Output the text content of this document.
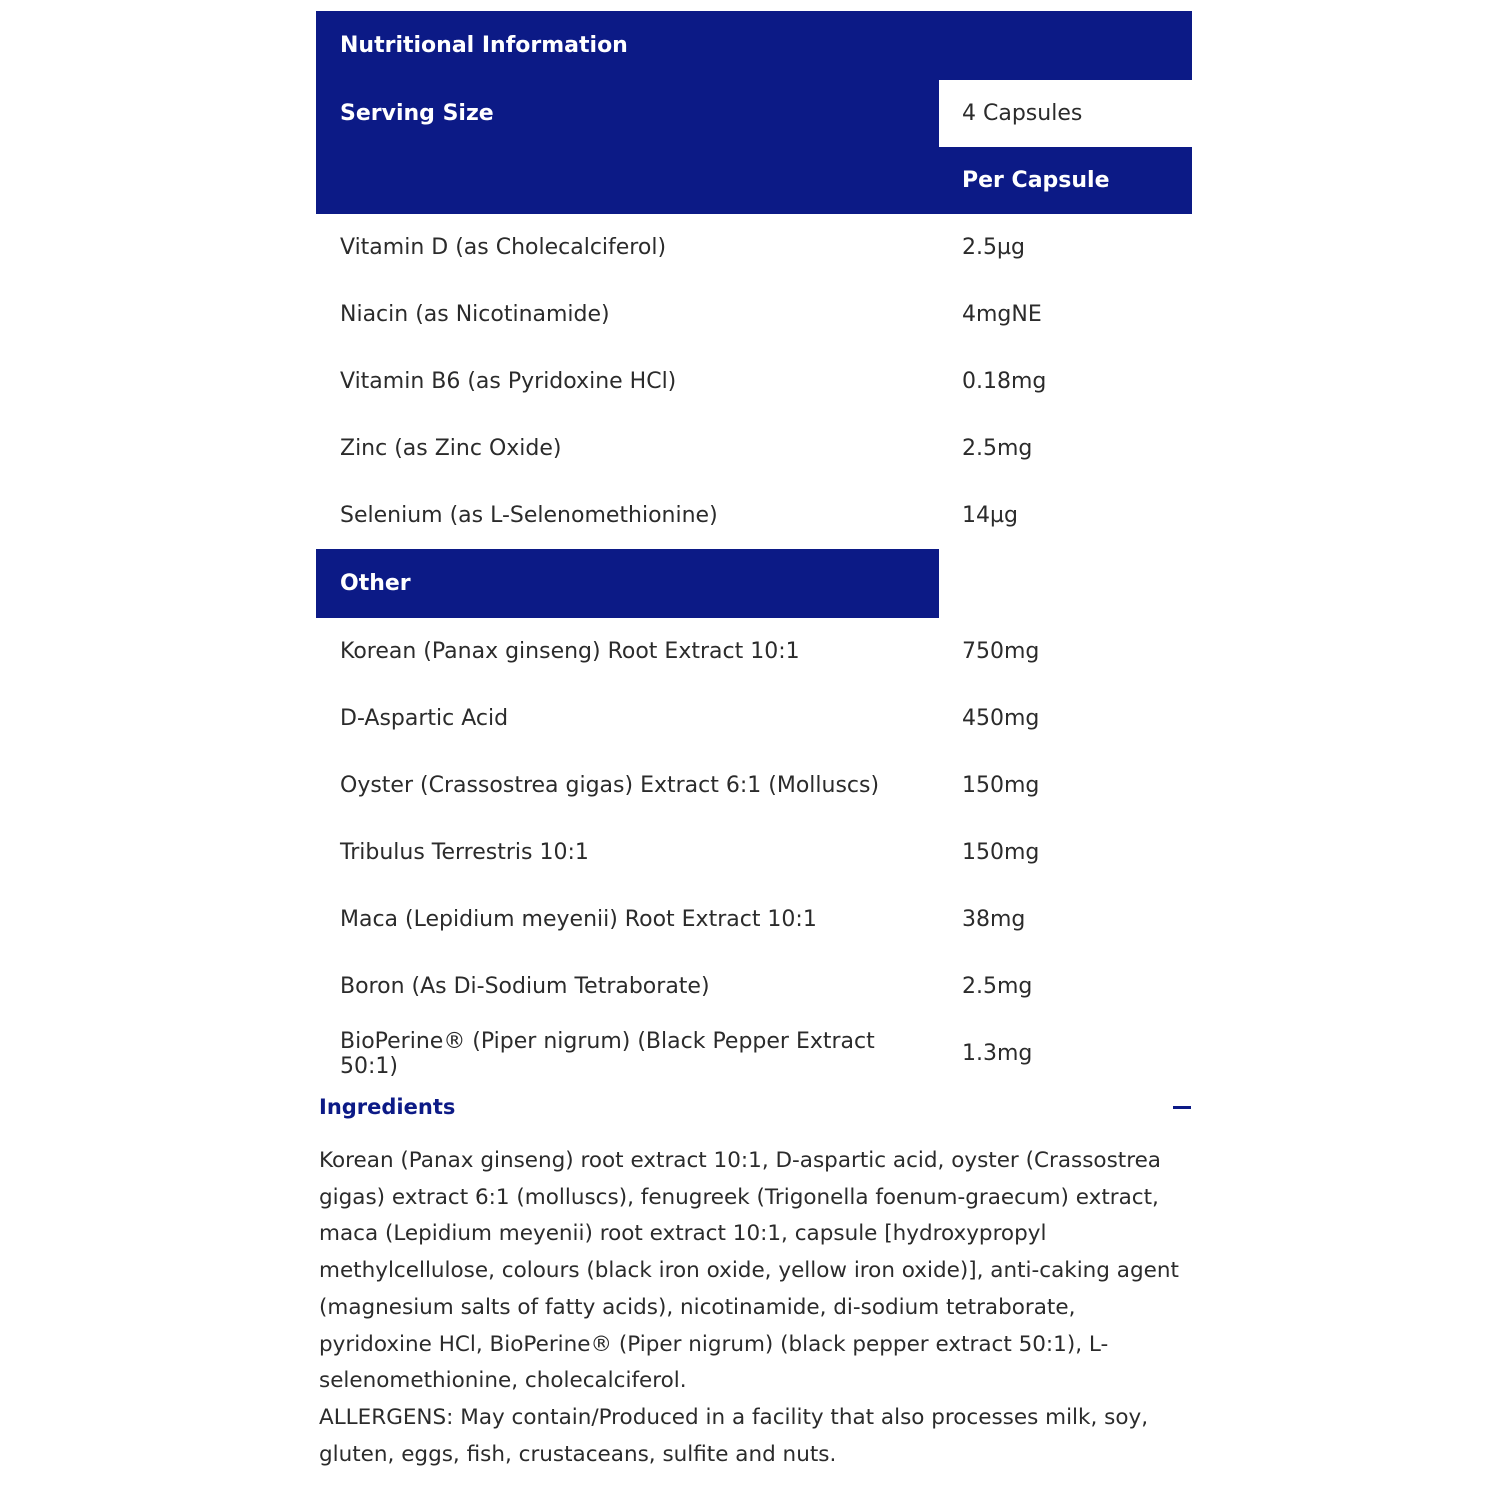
Nutritional Information
Serving Size	4 Capsules
Per Capsule
Vitamin D (as Cholecalciferol)	2.5µg
Niacin (as Nicotinamide)	4mgNE
Vitamin B6 (as Pyridoxine HCl)	0.18mg
Zinc (as Zinc Oxide)	2.5mg
Selenium (as L-Selenomethionine)	14µg
Other
Korean (Panax ginseng) Root Extract 10:1	750mg
D-Aspartic Acid	450mg
Oyster (Crassostrea gigas) Extract 6:1 (Molluscs)	150mg
Tribulus Terrestris 10:1	150mg
Maca (Lepidium meyenii) Root Extract 10:1	38mg
Boron (As Di-Sodium Tetraborate)	2.5mg
BioPerine® (Piper nigrum) (Black Pepper Extract 50:1)	1.3mg
Ingredients
Korean (Panax ginseng) root extract 10:1, D-aspartic acid, oyster (Crassostrea gigas) extract 6:1 (molluscs), fenugreek (Trigonella foenum-graecum) extract, maca (Lepidium meyenii) root extract 10:1, capsule [hydroxypropyl methylcellulose, colours (black iron oxide, yellow iron oxide)], anti-caking agent (magnesium salts of fatty acids), nicotinamide, di-sodium tetraborate, pyridoxine HCl, BioPerine® (Piper nigrum) (black pepper extract 50:1), L-selenomethionine, cholecalciferol.
ALLERGENS: May contain/Produced in a facility that also processes milk, soy, gluten, eggs, fish, crustaceans, sulfite and nuts.
